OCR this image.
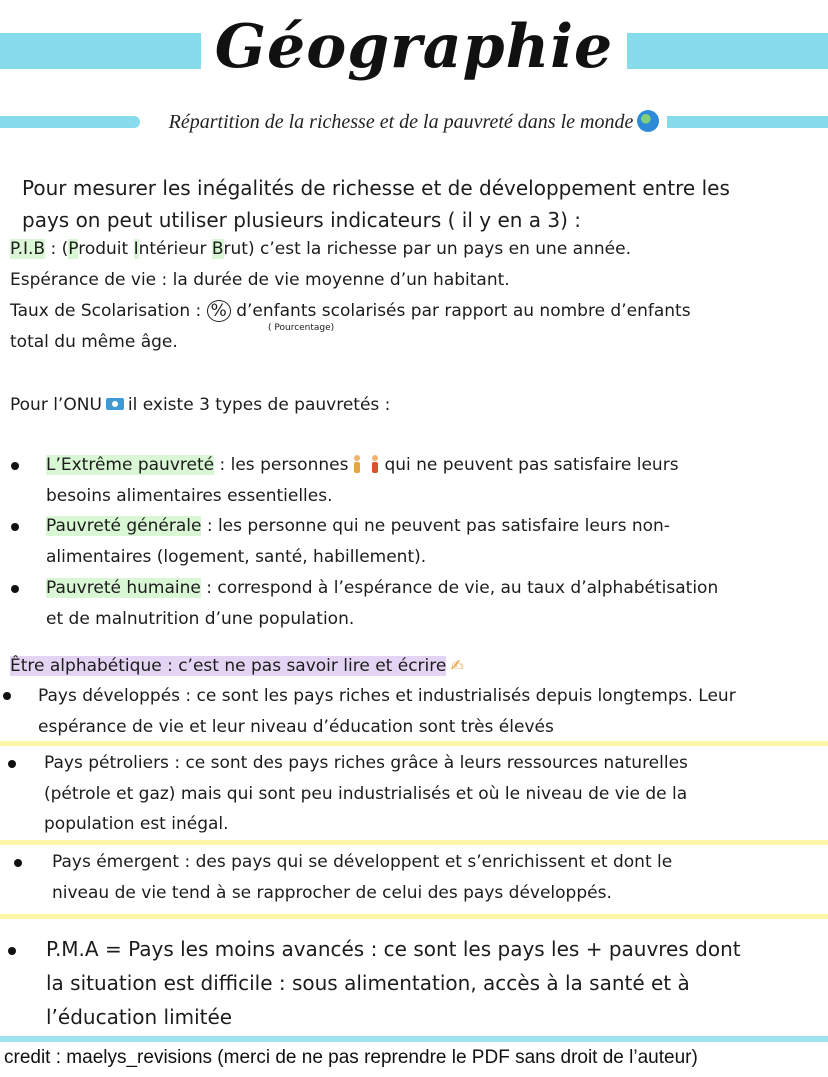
Géographie
Répartition de la richesse et de la pauvreté dans le monde
Pour mesurer les inégalités de richesse et de développement entre les
pays on peut utiliser plusieurs indicateurs ( il y en a 3) :
P.I.B : (Produit Intérieur Brut) c’est la richesse par un pays en une année.
Espérance de vie : la durée de vie moyenne d’un habitant.
Taux de Scolarisation : % d’enfants scolarisés par rapport au nombre d’enfants
( Pourcentage)
total du même âge.
Pour l’ONU il existe 3 types de pauvretés :
L’Extrême pauvreté : les personnes qui ne peuvent pas satisfaire leurs
besoins alimentaires essentielles.
Pauvreté générale : les personne qui ne peuvent pas satisfaire leurs non-
alimentaires (logement, santé, habillement).
Pauvreté humaine : correspond à l’espérance de vie, au taux d’alphabétisation
et de malnutrition d’une population.
Être alphabétique : c’est ne pas savoir lire et écrire ✍
Pays développés : ce sont les pays riches et industrialisés depuis longtemps. Leur
espérance de vie et leur niveau d’éducation sont très élevés
Pays pétroliers : ce sont des pays riches grâce à leurs ressources naturelles
(pétrole et gaz) mais qui sont peu industrialisés et où le niveau de vie de la
population est inégal.
Pays émergent : des pays qui se développent et s’enrichissent et dont le
niveau de vie tend à se rapprocher de celui des pays développés.
P.M.A = Pays les moins avancés : ce sont les pays les + pauvres dont
la situation est difficile : sous alimentation, accès à la santé et à
l’éducation limitée
credit : maelys_revisions (merci de ne pas reprendre le PDF sans droit de l’auteur)
